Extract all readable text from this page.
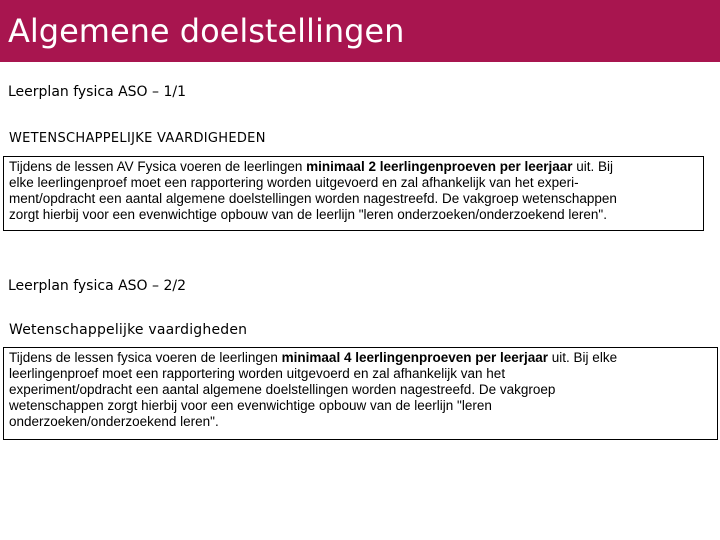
Algemene doelstellingen
Leerplan fysica ASO – 1/1
WETENSCHAPPELIJKE VAARDIGHEDEN
Tijdens de lessen AV Fysica voeren de leerlingen minimaal 2 leerlingenproeven per leerjaar uit. Bij
elke leerlingenproef moet een rapportering worden uitgevoerd en zal afhankelijk van het experi-
ment/opdracht een aantal algemene doelstellingen worden nagestreefd. De vakgroep wetenschappen
zorgt hierbij voor een evenwichtige opbouw van de leerlijn "leren onderzoeken/onderzoekend leren".
Leerplan fysica ASO – 2/2
Wetenschappelijke vaardigheden
Tijdens de lessen fysica voeren de leerlingen minimaal 4 leerlingenproeven per leerjaar uit. Bij elke
leerlingenproef moet een rapportering worden uitgevoerd en zal afhankelijk van het
experiment/opdracht een aantal algemene doelstellingen worden nagestreefd. De vakgroep
wetenschappen zorgt hierbij voor een evenwichtige opbouw van de leerlijn "leren
onderzoeken/onderzoekend leren".
